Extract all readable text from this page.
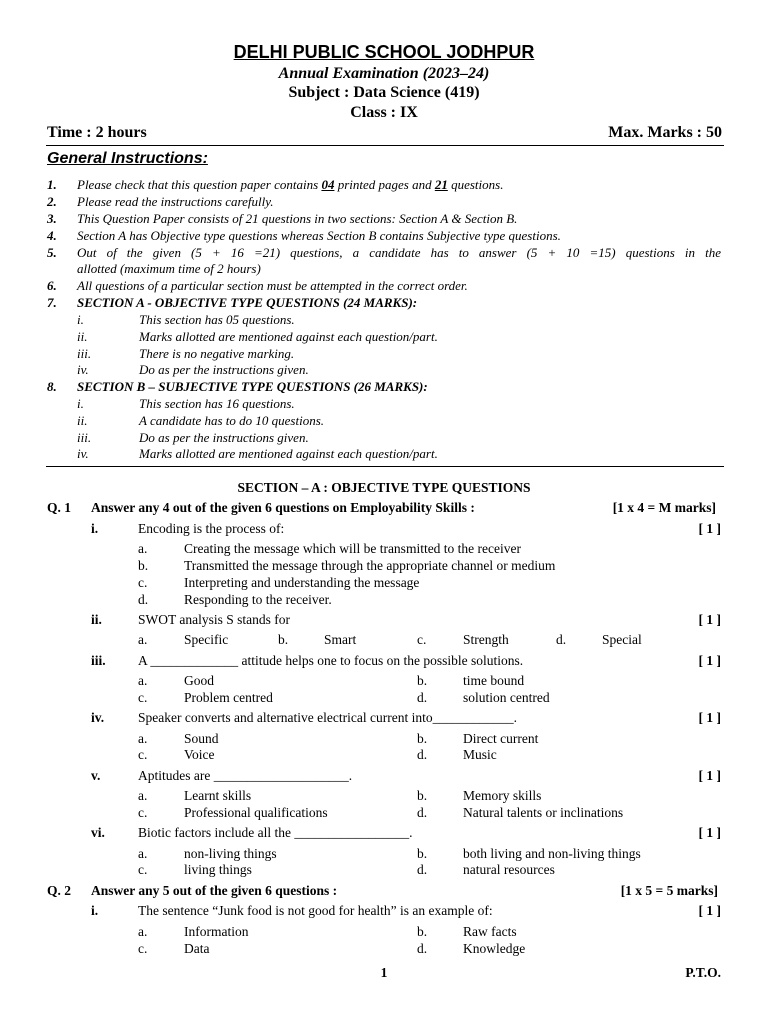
DELHI PUBLIC SCHOOL JODHPUR
Annual Examination (2023–24)
Subject : Data Science (419)
Class : IX
Time : 2 hours	Max. Marks : 50
General Instructions:
1. Please check that this question paper contains 04 printed pages and 21 questions.
2. Please read the instructions carefully.
3. This Question Paper consists of 21 questions in two sections: Section A & Section B.
4. Section A has Objective type questions whereas Section B contains Subjective type questions.
5. Out of the given (5 + 16 =21) questions, a candidate has to answer (5 + 10 =15) questions in the
allotted (maximum time of 2 hours)
6. All questions of a particular section must be attempted in the correct order.
7. SECTION A - OBJECTIVE TYPE QUESTIONS (24 MARKS):
i.	This section has 05 questions.
ii.	Marks allotted are mentioned against each question/part.
iii.	There is no negative marking.
iv.	Do as per the instructions given.
8. SECTION B – SUBJECTIVE TYPE QUESTIONS (26 MARKS):
i.	This section has 16 questions.
ii.	A candidate has to do 10 questions.
iii.	Do as per the instructions given.
iv.	Marks allotted are mentioned against each question/part.
SECTION – A : OBJECTIVE TYPE QUESTIONS
Q. 1 Answer any 4 out of the given 6 questions on Employability Skills :	[1 x 4 = M marks]
i.	Encoding is the process of:	[ 1 ]
a.	Creating the message which will be transmitted to the receiver
b.	Transmitted the message through the appropriate channel or medium
c.	Interpreting and understanding the message
d.	Responding to the receiver.
ii.	SWOT analysis S stands for	[ 1 ]
a.	Specific	b.	Smart	c.	Strength	d.	Special
iii. A _____________ attitude helps one to focus on the possible solutions.	[ 1 ]
a.	Good	b.	time bound
c.	Problem centred	d.	solution centred
iv.	Speaker converts and alternative electrical current into____________.	[ 1 ]
a.	Sound	b.	Direct current
c.	Voice	d.	Music
v.	Aptitudes are ____________________.	[ 1 ]
a.	Learnt skills	b.	Memory skills
c.	Professional qualifications	d.	Natural talents or inclinations
vi. Biotic factors include all the _________________.	[ 1 ]
a.	non-living things	b.	both living and non-living things
c.	living things	d.	natural resources
Q. 2 Answer any 5 out of the given 6 questions :	[1 x 5 = 5 marks]
i.	The sentence “Junk food is not good for health” is an example of:	[ 1 ]
a.	Information	b.	Raw facts
c.	Data	d.	Knowledge
1	P.T.O.
